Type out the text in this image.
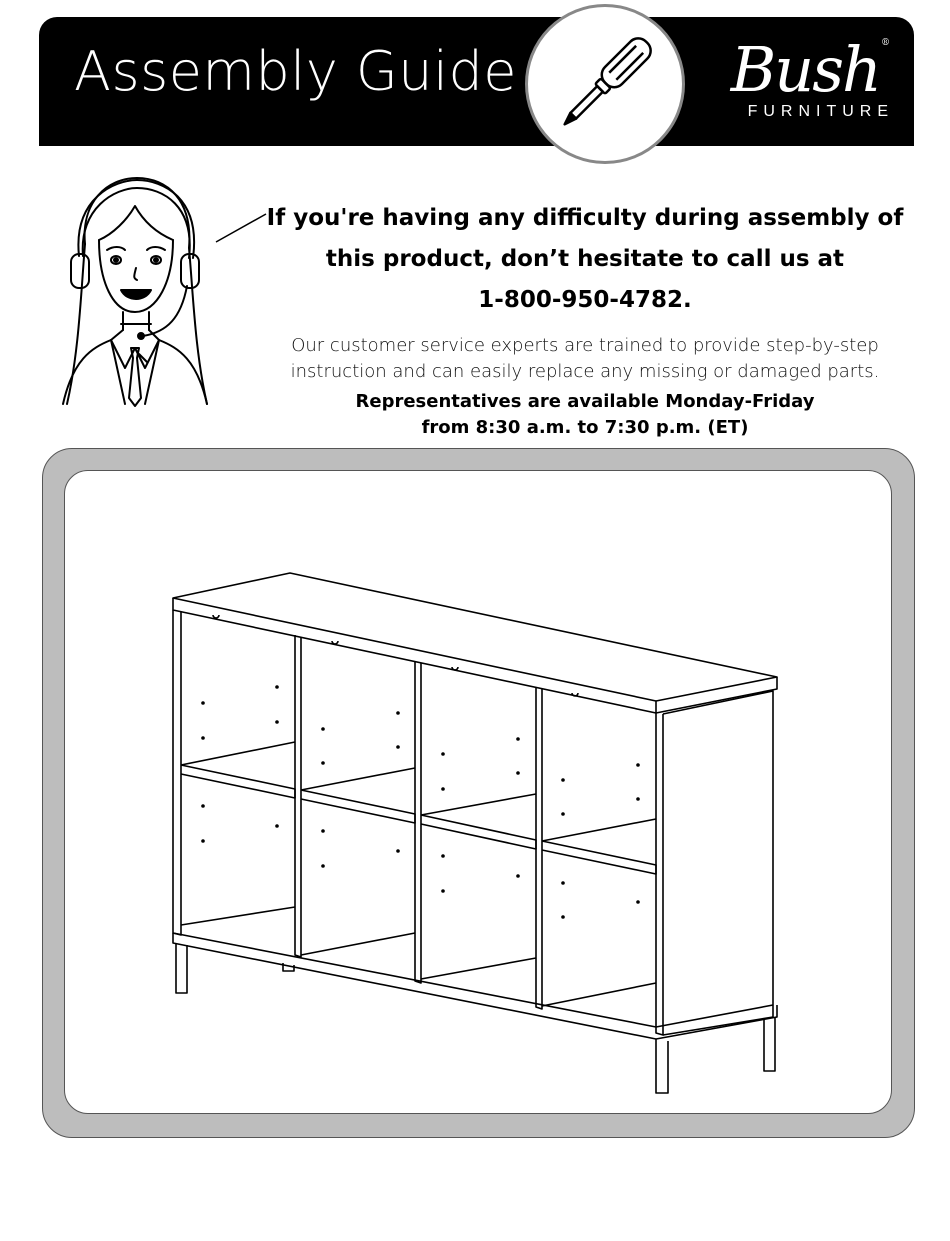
Assembly Guide	Bush®
FURNITURE

If you're having any difficulty during assembly of this product, don’t hesitate to call us at

1-800-950-4782.

Our customer service experts are trained to provide step-by-step
instruction and can easily replace any missing or damaged parts.

Representatives are available Monday-Friday
from 8:30 a.m. to 7:30 p.m. (ET)
